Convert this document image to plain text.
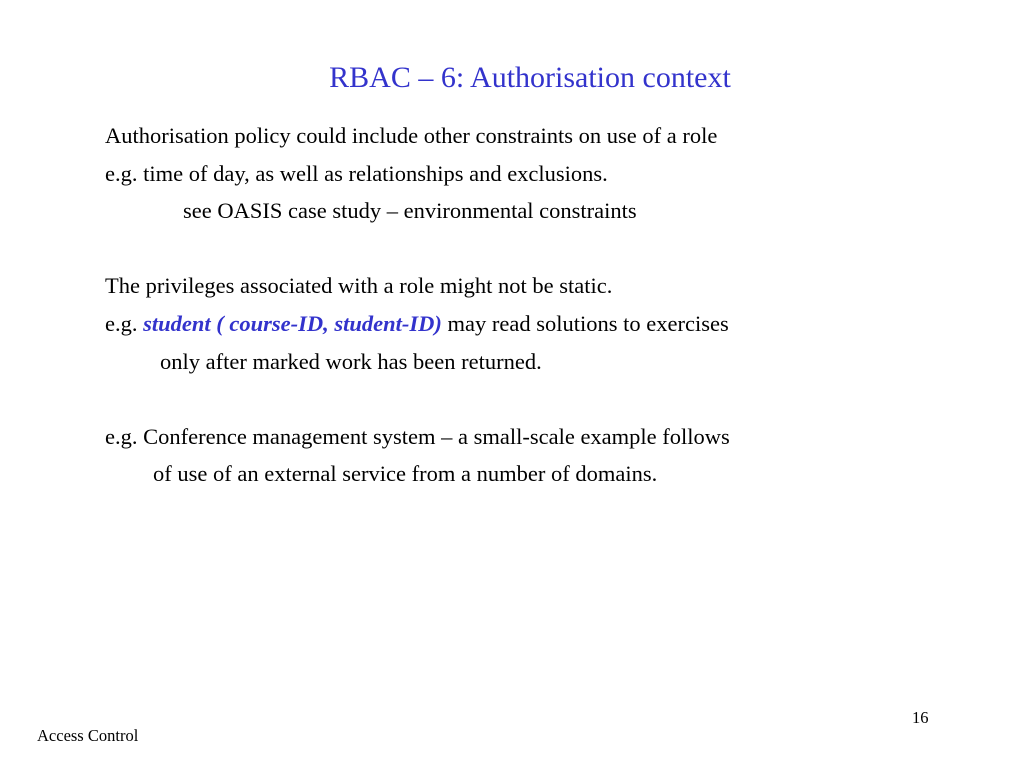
RBAC – 6: Authorisation context
Authorisation policy could include other constraints on use of a role
e.g. time of day, as well as relationships and exclusions.
see OASIS case study – environmental constraints
The privileges associated with a role might not be static.
e.g. student ( course-ID, student-ID) may read solutions to exercises
only after marked work has been returned.
e.g. Conference management system – a small-scale example follows
of use of an external service from a number of domains.
16
Access Control
